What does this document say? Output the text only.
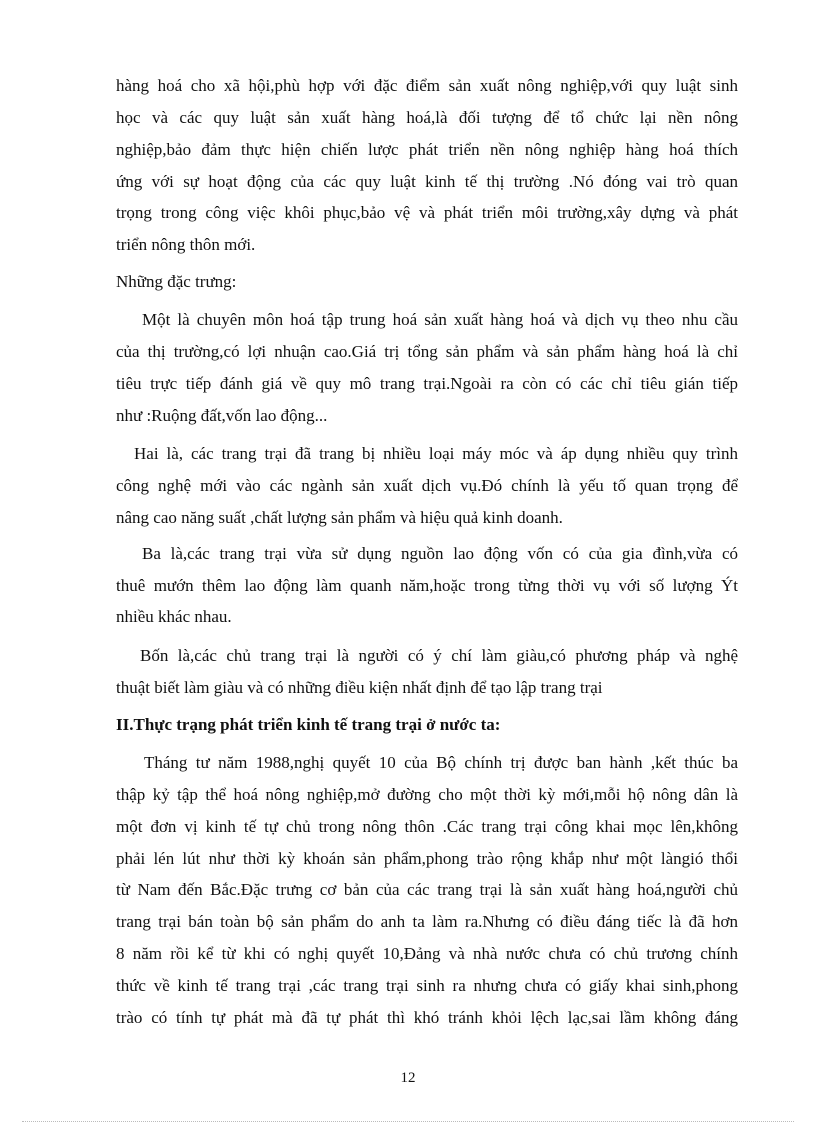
hàng hoá cho xã hội,phù hợp với đặc điểm sản xuất nông nghiệp,với quy luật sinh
học và các quy luật sản xuất hàng hoá,là đối tượng để tổ chức lại nền nông
nghiệp,bảo đảm thực hiện chiến lược phát triển nền nông nghiệp hàng hoá thích
ứng với sự hoạt động của các quy luật kinh tế thị trường .Nó đóng vai trò quan
trọng trong công việc khôi phục,bảo vệ và phát triển môi trường,xây dựng và phát
triển nông thôn mới.
Những đặc trưng:
Một là chuyên môn hoá tập trung hoá sản xuất hàng hoá và dịch vụ theo nhu cầu
của thị trường,có lợi nhuận cao.Giá trị tổng sản phẩm và sản phẩm hàng hoá là chỉ
tiêu trực tiếp đánh giá về quy mô trang trại.Ngoài ra còn có các chỉ tiêu gián tiếp
như :Ruộng đất,vốn lao động...
Hai là, các trang trại đã trang bị nhiều loại máy móc và áp dụng nhiều quy trình
công nghệ mới vào các ngành sản xuất dịch vụ.Đó chính là yếu tố quan trọng để
nâng cao năng suất ,chất lượng sản phẩm và hiệu quả kinh doanh.
Ba là,các trang trại vừa sử dụng nguồn lao động vốn có của gia đình,vừa có
thuê mướn thêm lao động làm quanh năm,hoặc trong từng thời vụ với số lượng Ýt
nhiều khác nhau.
Bốn là,các chủ trang trại là người có ý chí làm giàu,có phương pháp và nghệ
thuật biết làm giàu và có những điều kiện nhất định để tạo lập trang trại
II.Thực trạng phát triển kinh tế trang trại ở nước ta:
Tháng tư năm 1988,nghị quyết 10 của Bộ chính trị được ban hành ,kết thúc ba
thập kỷ tập thể hoá nông nghiệp,mở đường cho một thời kỳ mới,mỗi hộ nông dân là
một đơn vị kinh tế tự chủ trong nông thôn .Các trang trại công khai mọc lên,không
phải lén lút như thời kỳ khoán sản phẩm,phong trào rộng khắp như một làngió thổi
từ Nam đến Bắc.Đặc trưng cơ bản của các trang trại là sản xuất hàng hoá,người chủ
trang trại bán toàn bộ sản phẩm do anh ta làm ra.Nhưng có điều đáng tiếc là đã hơn
8 năm rồi kể từ khi có nghị quyết 10,Đảng và nhà nước chưa có chủ trương chính
thức về kinh tế trang trại ,các trang trại sinh ra nhưng chưa có giấy khai sinh,phong
trào có tính tự phát mà đã tự phát thì khó tránh khỏi lệch lạc,sai lầm không đáng
12
